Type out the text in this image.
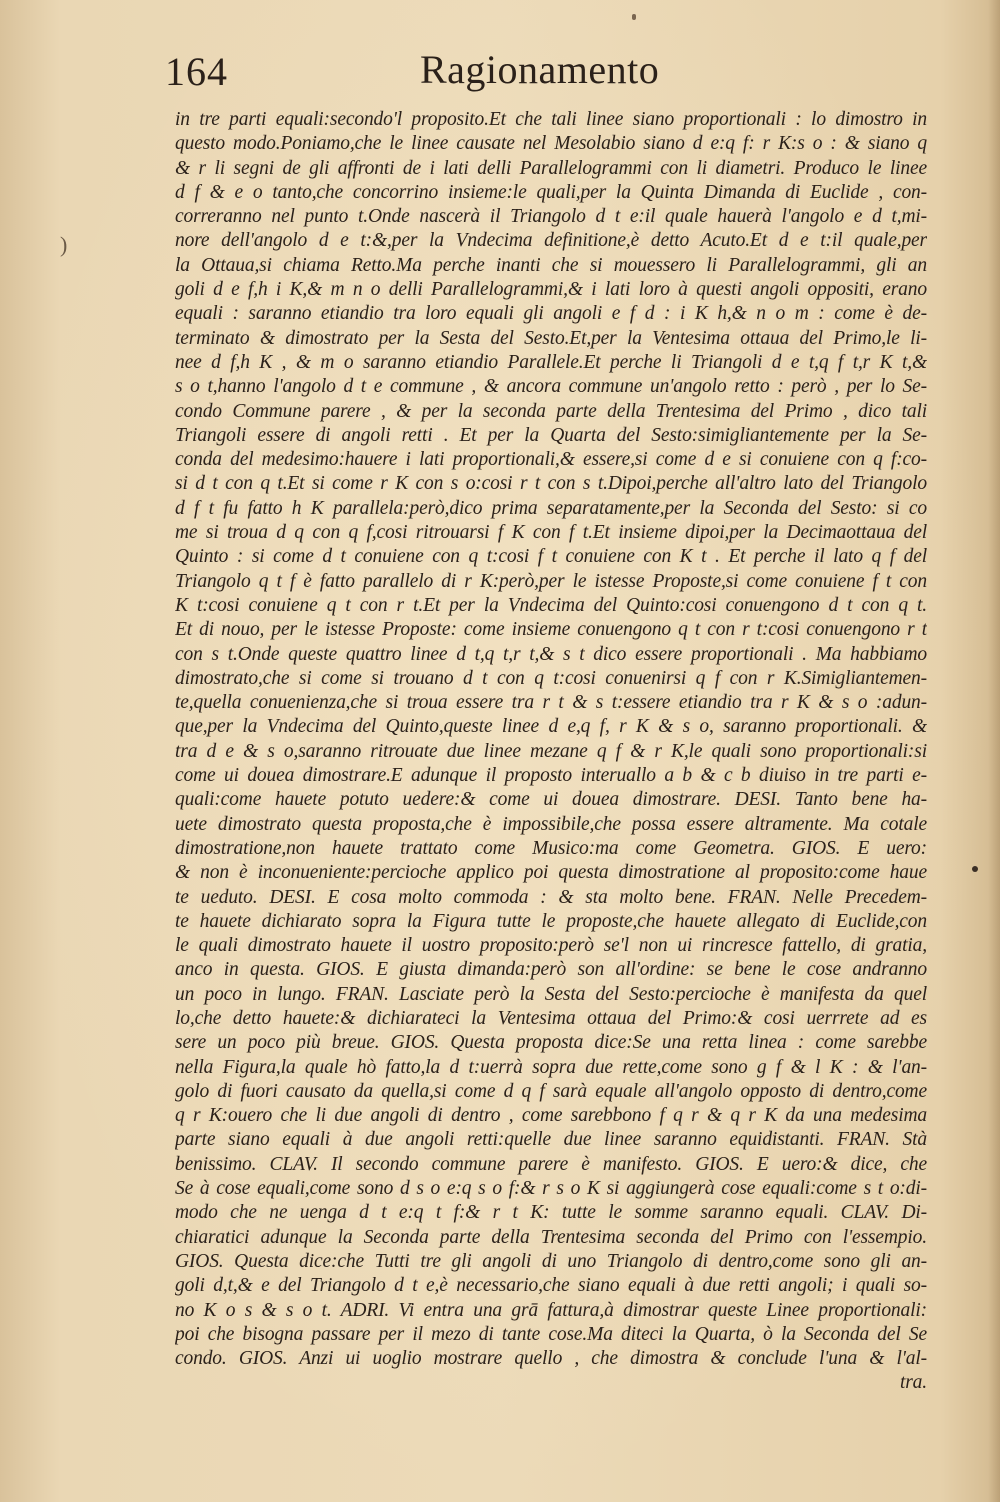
164	Ragionamento
)
in tre parti equali:secondo'l proposito.Et che tali linee siano proportionali : lo dimostro in
questo modo.Poniamo,che le linee causate nel Mesolabio siano d e:q f: r K:s o : & siano q
& r li segni de gli affronti de i lati delli Parallelogrammi con li diametri. Produco le linee
d f & e o tanto,che concorrino insieme:le quali,per la Quinta Dimanda di Euclide , con-
correranno nel punto t.Onde nascerà il Triangolo d t e:il quale hauerà l'angolo e d t,mi-
nore dell'angolo d e t:&,per la Vndecima definitione,è detto Acuto.Et d e t:il quale,per
la Ottaua,si chiama Retto.Ma perche inanti che si mouessero li Parallelogrammi, gli an
goli d e f,h i K,& m n o delli Parallelogrammi,& i lati loro à questi angoli oppositi, erano
equali : saranno etiandio tra loro equali gli angoli e f d : i K h,& n o m : come è de-
terminato & dimostrato per la Sesta del Sesto.Et,per la Ventesima ottaua del Primo,le li-
nee d f,h K , & m o saranno etiandio Parallele.Et perche li Triangoli d e t,q f t,r K t,&
s o t,hanno l'angolo d t e commune , & ancora commune un'angolo retto : però , per lo Se-
condo Commune parere , & per la seconda parte della Trentesima del Primo , dico tali
Triangoli essere di angoli retti . Et per la Quarta del Sesto:simigliantemente per la Se-
conda del medesimo:hauere i lati proportionali,& essere,si come d e si conuiene con q f:co-
si d t con q t.Et si come r K con s o:cosi r t con s t.Dipoi,perche all'altro lato del Triangolo
d f t fu fatto h K parallela:però,dico prima separatamente,per la Seconda del Sesto: si co
me si troua d q con q f,cosi ritrouarsi f K con f t.Et insieme dipoi,per la Decimaottaua del
Quinto : si come d t conuiene con q t:cosi f t conuiene con K t . Et perche il lato q f del
Triangolo q t f è fatto parallelo di r K:però,per le istesse Proposte,si come conuiene f t con
K t:cosi conuiene q t con r t.Et per la Vndecima del Quinto:cosi conuengono d t con q t.
Et di nouo, per le istesse Proposte: come insieme conuengono q t con r t:cosi conuengono r t
con s t.Onde queste quattro linee d t,q t,r t,& s t dico essere proportionali . Ma habbiamo
dimostrato,che si come si trouano d t con q t:cosi conuenirsi q f con r K.Simigliantemen-
te,quella conuenienza,che si troua essere tra r t & s t:essere etiandio tra r K & s o :adun-
que,per la Vndecima del Quinto,queste linee d e,q f, r K & s o, saranno proportionali. &
tra d e & s o,saranno ritrouate due linee mezane q f & r K,le quali sono proportionali:si
come ui douea dimostrare.E adunque il proposto interuallo a b & c b diuiso in tre parti e-
quali:come hauete potuto uedere:& come ui douea dimostrare. DESI. Tanto bene ha-
uete dimostrato questa proposta,che è impossibile,che possa essere altramente. Ma cotale
dimostratione,non hauete trattato come Musico:ma come Geometra. GIOS. E uero:
& non è inconueniente:percioche applico poi questa dimostratione al proposito:come haue
te ueduto. DESI. E cosa molto commoda : & sta molto bene. FRAN. Nelle Precedem-
te hauete dichiarato sopra la Figura tutte le proposte,che hauete allegato di Euclide,con
le quali dimostrato hauete il uostro proposito:però se'l non ui rincresce fattello, di gratia,
anco in questa. GIOS. E giusta dimanda:però son all'ordine: se bene le cose andranno
un poco in lungo. FRAN. Lasciate però la Sesta del Sesto:percioche è manifesta da quel
lo,che detto hauete:& dichiarateci la Ventesima ottaua del Primo:& cosi uerrrete ad es
sere un poco più breue. GIOS. Questa proposta dice:Se una retta linea : come sarebbe
nella Figura,la quale hò fatto,la d t:uerrà sopra due rette,come sono g f & l K : & l'an-
golo di fuori causato da quella,si come d q f sarà equale all'angolo opposto di dentro,come
q r K:ouero che li due angoli di dentro , come sarebbono f q r & q r K da una medesima
parte siano equali à due angoli retti:quelle due linee saranno equidistanti. FRAN. Stà
benissimo. CLAV. Il secondo commune parere è manifesto. GIOS. E uero:& dice, che
Se à cose equali,come sono d s o e:q s o f:& r s o K si aggiungerà cose equali:come s t o:di-
modo che ne uenga d t e:q t f:& r t K: tutte le somme saranno equali. CLAV. Di-
chiaratici adunque la Seconda parte della Trentesima seconda del Primo con l'essempio.
GIOS. Questa dice:che Tutti tre gli angoli di uno Triangolo di dentro,come sono gli an-
goli d,t,& e del Triangolo d t e,è necessario,che siano equali à due retti angoli; i quali so-
no K o s & s o t. ADRI. Vi entra una grā fattura,à dimostrar queste Linee proportionali:
poi che bisogna passare per il mezo di tante cose.Ma diteci la Quarta, ò la Seconda del Se
condo. GIOS. Anzi ui uoglio mostrare quello , che dimostra & conclude l'una & l'al-
tra.
